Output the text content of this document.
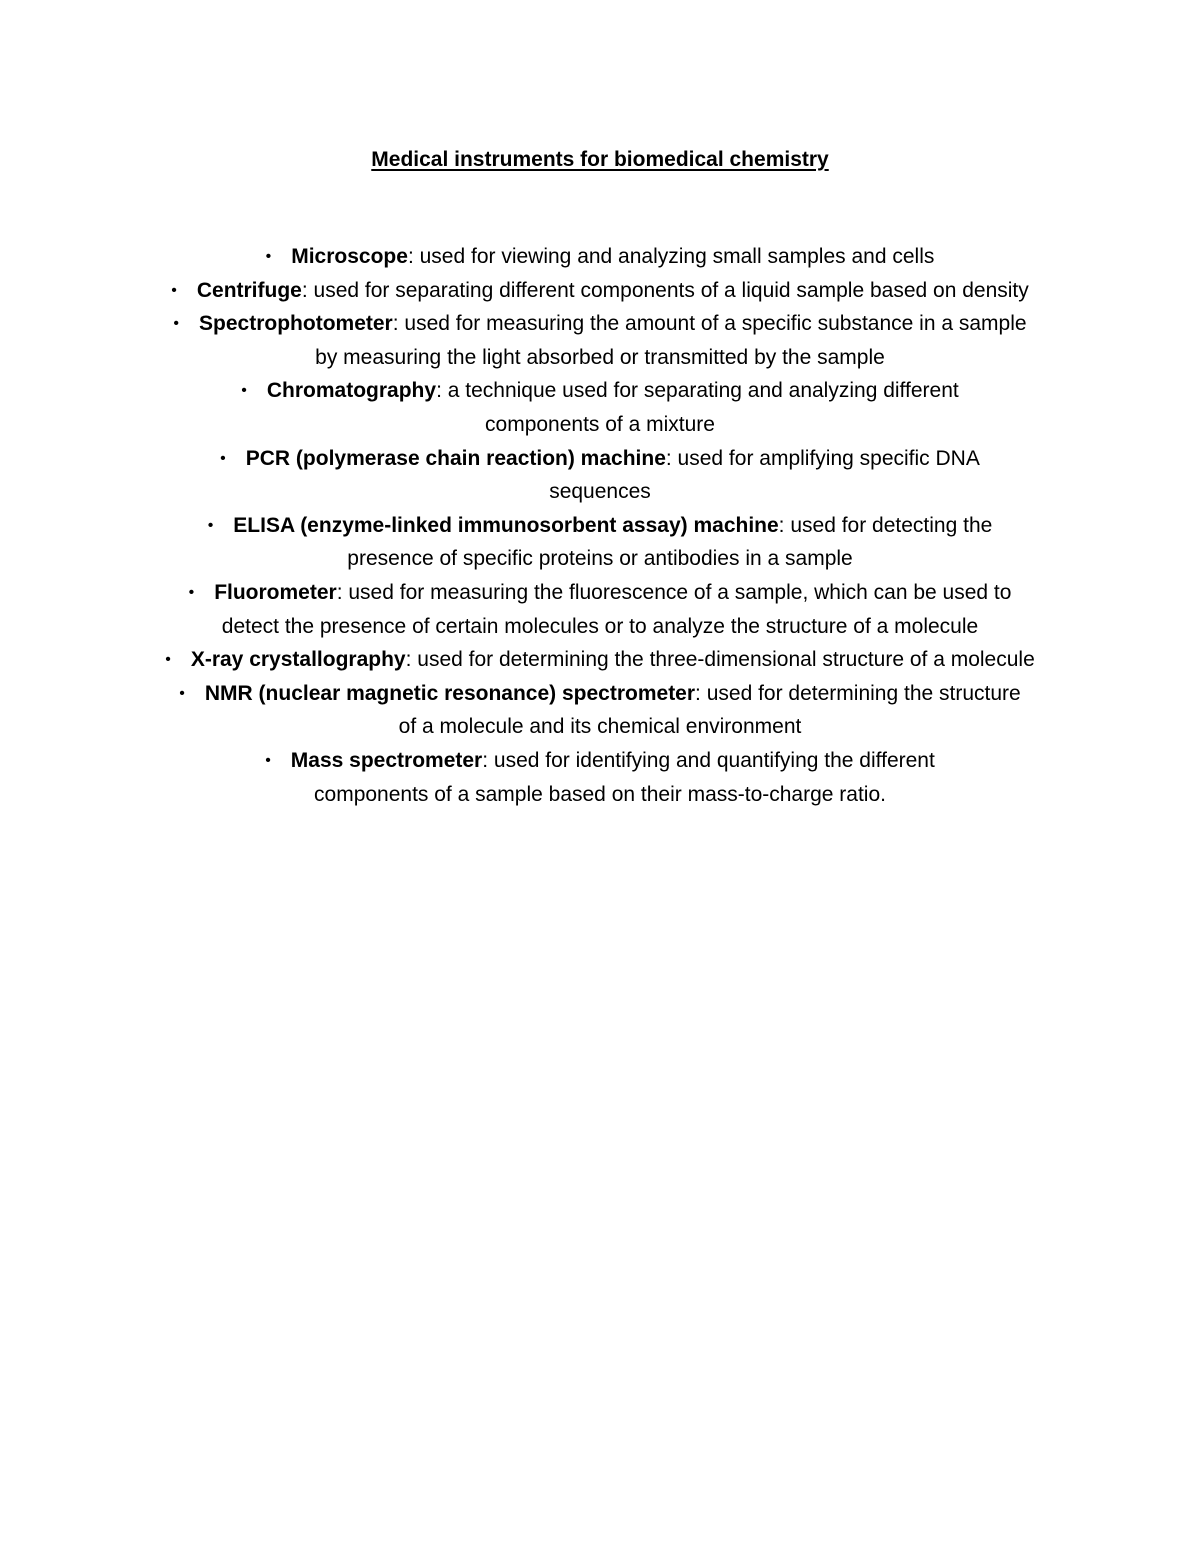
Medical instruments for biomedical chemistry
• Microscope: used for viewing and analyzing small samples and cells
• Centrifuge: used for separating different components of a liquid sample based on density
• Spectrophotometer: used for measuring the amount of a specific substance in a sample by measuring the light absorbed or transmitted by the sample
• Chromatography: a technique used for separating and analyzing different components of a mixture
• PCR (polymerase chain reaction) machine: used for amplifying specific DNA sequences
• ELISA (enzyme-linked immunosorbent assay) machine: used for detecting the presence of specific proteins or antibodies in a sample
• Fluorometer: used for measuring the fluorescence of a sample, which can be used to detect the presence of certain molecules or to analyze the structure of a molecule
• X-ray crystallography: used for determining the three-dimensional structure of a molecule
• NMR (nuclear magnetic resonance) spectrometer: used for determining the structure of a molecule and its chemical environment
• Mass spectrometer: used for identifying and quantifying the different components of a sample based on their mass-to-charge ratio.
